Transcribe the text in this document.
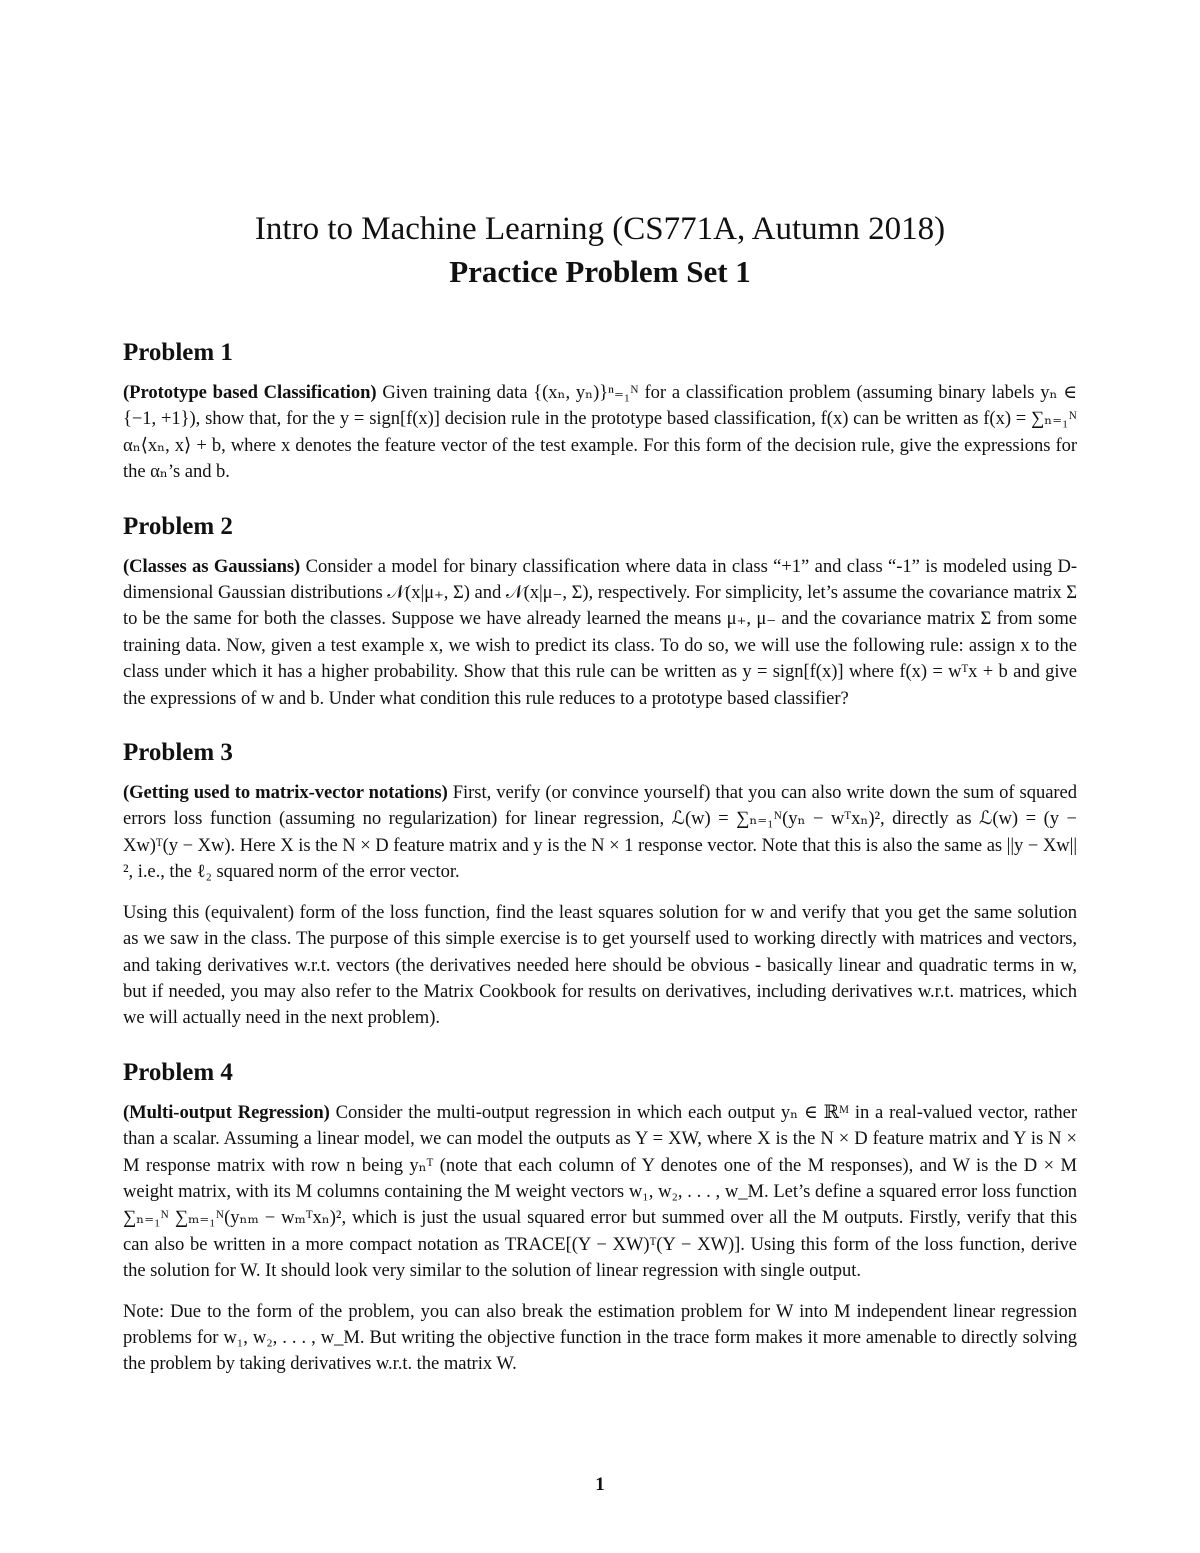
Intro to Machine Learning (CS771A, Autumn 2018)
Practice Problem Set 1
Problem 1

(Prototype based Classification) Given training data {(xₙ, yₙ)}ⁿ₌₁ᴺ for a classification problem (assuming binary labels yₙ ∈ {−1, +1}), show that, for the y = sign[f(x)] decision rule in the prototype based classification, f(x) can be written as f(x) = ∑ₙ₌₁ᴺ αₙ⟨xₙ, x⟩ + b, where x denotes the feature vector of the test example. For this form of the decision rule, give the expressions for the αₙ’s and b.

Problem 2

(Classes as Gaussians) Consider a model for binary classification where data in class “+1” and class “-1” is modeled using D-dimensional Gaussian distributions 𝒩(x|μ₊, Σ) and 𝒩(x|μ₋, Σ), respectively. For simplicity, let’s assume the covariance matrix Σ to be the same for both the classes. Suppose we have already learned the means μ₊, μ₋ and the covariance matrix Σ from some training data. Now, given a test example x, we wish to predict its class. To do so, we will use the following rule: assign x to the class under which it has a higher probability. Show that this rule can be written as y = sign[f(x)] where f(x) = wᵀx + b and give the expressions of w and b. Under what condition this rule reduces to a prototype based classifier?

Problem 3

(Getting used to matrix-vector notations) First, verify (or convince yourself) that you can also write down the sum of squared errors loss function (assuming no regularization) for linear regression, ℒ(w) = ∑ₙ₌₁ᴺ(yₙ − wᵀxₙ)², directly as ℒ(w) = (y − Xw)ᵀ(y − Xw). Here X is the N × D feature matrix and y is the N × 1 response vector. Note that this is also the same as ||y − Xw||², i.e., the ℓ₂ squared norm of the error vector.

Using this (equivalent) form of the loss function, find the least squares solution for w and verify that you get the same solution as we saw in the class. The purpose of this simple exercise is to get yourself used to working directly with matrices and vectors, and taking derivatives w.r.t. vectors (the derivatives needed here should be obvious - basically linear and quadratic terms in w, but if needed, you may also refer to the Matrix Cookbook for results on derivatives, including derivatives w.r.t. matrices, which we will actually need in the next problem).

Problem 4

(Multi-output Regression) Consider the multi-output regression in which each output yₙ ∈ ℝᴹ in a real-valued vector, rather than a scalar. Assuming a linear model, we can model the outputs as Y = XW, where X is the N × D feature matrix and Y is N × M response matrix with row n being yₙᵀ (note that each column of Y denotes one of the M responses), and W is the D × M weight matrix, with its M columns containing the M weight vectors w₁, w₂, . . . , w_M. Let’s define a squared error loss function ∑ₙ₌₁ᴺ ∑ₘ₌₁ᴺ(yₙₘ − wₘᵀxₙ)², which is just the usual squared error but summed over all the M outputs. Firstly, verify that this can also be written in a more compact notation as TRACE[(Y − XW)ᵀ(Y − XW)]. Using this form of the loss function, derive the solution for W. It should look very similar to the solution of linear regression with single output.

Note: Due to the form of the problem, you can also break the estimation problem for W into M independent linear regression problems for w₁, w₂, . . . , w_M. But writing the objective function in the trace form makes it more amenable to directly solving the problem by taking derivatives w.r.t. the matrix W.

1
